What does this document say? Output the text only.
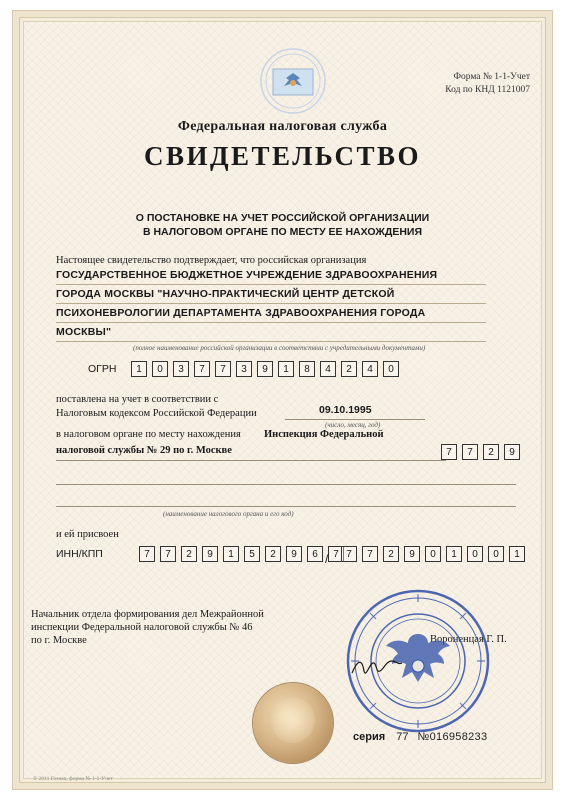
Форма № 1-1-Учет
Код по КНД 1121007
Федеральная налоговая служба
СВИДЕТЕЛЬСТВО
О ПОСТАНОВКЕ НА УЧЕТ РОССИЙСКОЙ ОРГАНИЗАЦИИ
В НАЛОГОВОМ ОРГАНЕ ПО МЕСТУ ЕЕ НАХОЖДЕНИЯ
Настоящее свидетельство подтверждает, что российская организация
ГОСУДАРСТВЕННОЕ БЮДЖЕТНОЕ УЧРЕЖДЕНИЕ ЗДРАВООХРАНЕНИЯ
ГОРОДА МОСКВЫ "НАУЧНО-ПРАКТИЧЕСКИЙ ЦЕНТР ДЕТСКОЙ
ПСИХОНЕВРОЛОГИИ ДЕПАРТАМЕНТА ЗДРАВООХРАНЕНИЯ ГОРОДА
МОСКВЫ"
(полное наименование российской организации в соответствии с учредительными документами)
ОГРН	1	0	3	7	7	3	9	1	8	4	2	4	0
поставлена на учет в соответствии с
Налоговым кодексом Российской Федерации	09.10.1995
(число, месяц, год)
в налоговом органе по месту нахождения Инспекция Федеральной
налоговой службы № 29 по г. Москве	7	7	2	9
(наименование налогового органа и его код)
и ей присвоен
ИНН/КПП	7	7	2	9	1	5	2	9	6	7
/	7	7	2	9	0	1	0	0	1
Начальник отдела формирования дел Межрайонной
инспекции Федеральной налоговой службы № 46
по г. Москве	Вороненцая Г. П.
серия 77 №016958233
© 2011 Гознак, форма № 1-1-Учет
